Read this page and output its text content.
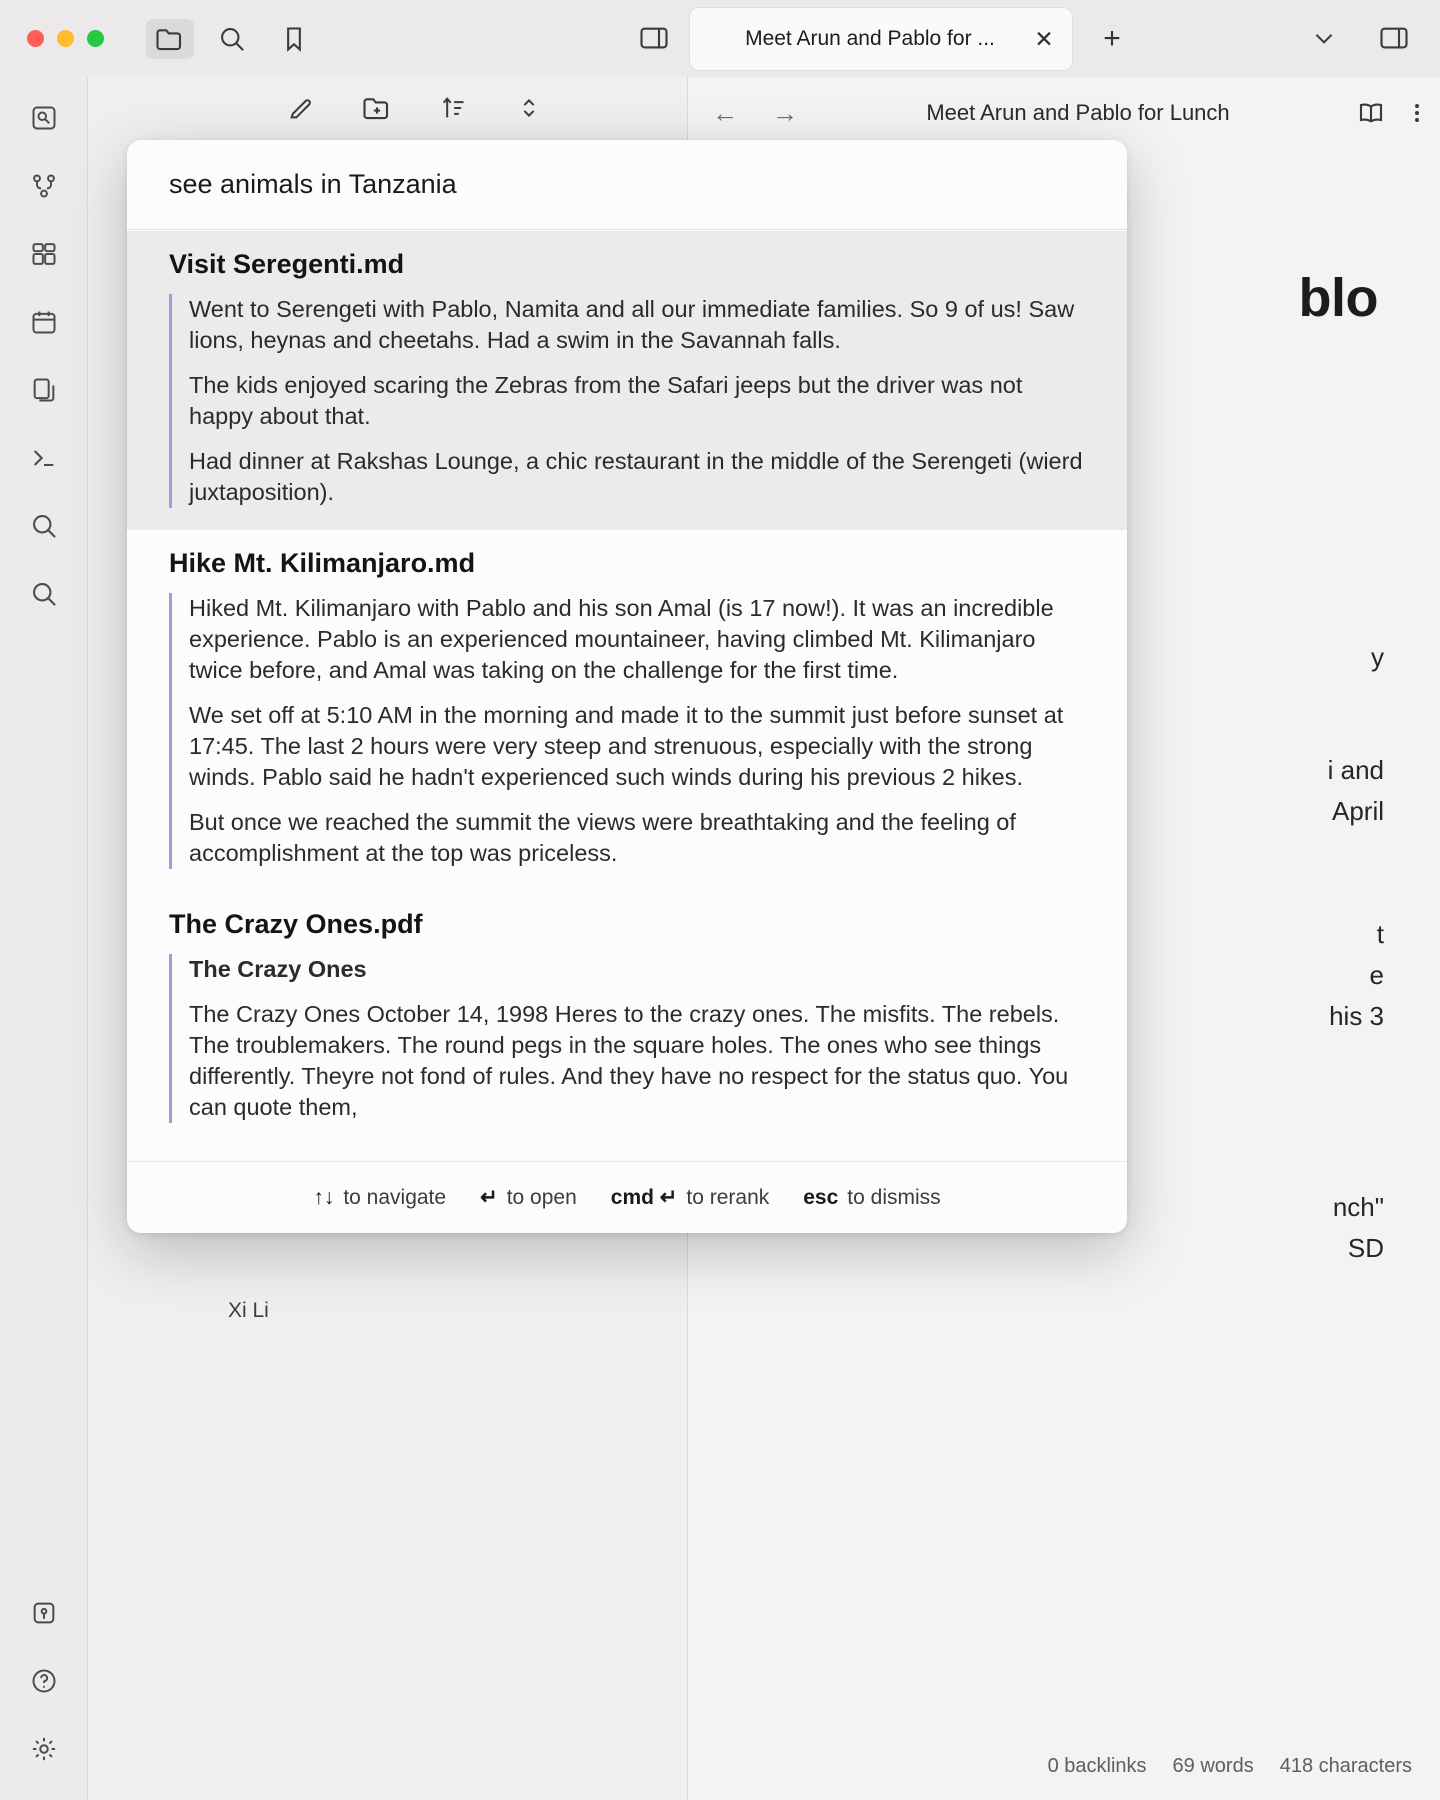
Meet Arun and Pablo for ...	✕	+
Xi Li
←	→	Meet Arun and Pablo for Lunch
blo
y
i and
April
t
e
his 3
nch"
SD
0 backlinks 69 words 418 characters
see animals in Tanzania
Visit Seregenti.md
Went to Serengeti with Pablo, Namita and all our immediate families. So 9 of us! Saw lions, heynas and cheetahs. Had a swim in the Savannah falls.
The kids enjoyed scaring the Zebras from the Safari jeeps but the driver was not happy about that.
Had dinner at Rakshas Lounge, a chic restaurant in the middle of the Serengeti (wierd juxtaposition).
Hike Mt. Kilimanjaro.md
Hiked Mt. Kilimanjaro with Pablo and his son Amal (is 17 now!). It was an incredible experience. Pablo is an experienced mountaineer, having climbed Mt. Kilimanjaro twice before, and Amal was taking on the challenge for the first time.
We set off at 5:10 AM in the morning and made it to the summit just before sunset at 17:45. The last 2 hours were very steep and strenuous, especially with the strong winds. Pablo said he hadn't experienced such winds during his previous 2 hikes.
But once we reached the summit the views were breathtaking and the feeling of accomplishment at the top was priceless.
The Crazy Ones.pdf
The Crazy Ones
The Crazy Ones October 14, 1998 Heres to the crazy ones. The misfits. The rebels. The troublemakers. The round pegs in the square holes. The ones who see things differently. Theyre not fond of rules. And they have no respect for the status quo. You can quote them,
↑↓ to navigate ↵ to open cmd ↵ to rerank esc to dismiss
